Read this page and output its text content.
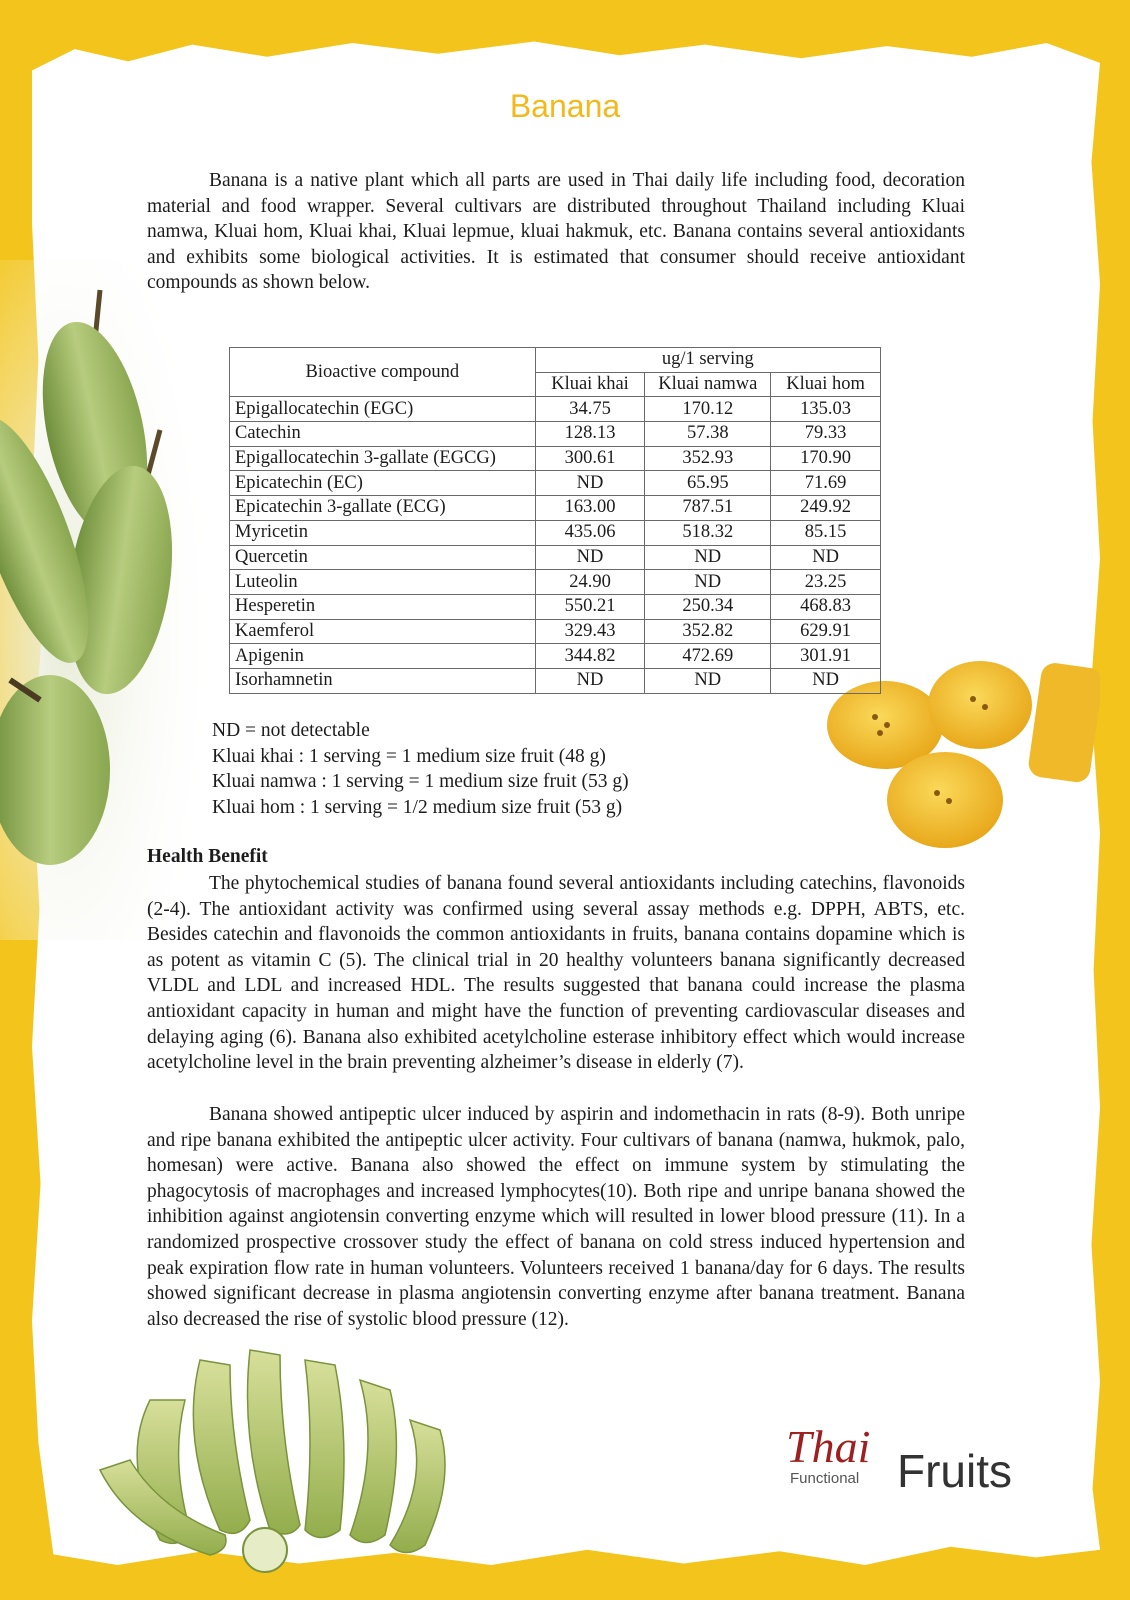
Banana

Banana is a native plant which all parts are used in Thai daily life including food, decoration material and food wrapper. Several cultivars are distributed throughout Thailand including Kluai namwa, Kluai hom, Kluai khai, Kluai lepmue, kluai hakmuk, etc. Banana contains several antioxidants and exhibits some biological activities. It is estimated that consumer should receive antioxidant compounds as shown below.

Bioactive compound	ug/1 serving		
	Kluai khai	Kluai namwa	Kluai hom
Epigallocatechin (EGC)	34.75	170.12	135.03
Catechin	128.13	57.38	79.33
Epigallocatechin 3-gallate (EGCG)	300.61	352.93	170.90
Epicatechin (EC)	ND	65.95	71.69
Epicatechin 3-gallate (ECG)	163.00	787.51	249.92
Myricetin	435.06	518.32	85.15
Quercetin	ND	ND	ND
Luteolin	24.90	ND	23.25
Hesperetin	550.21	250.34	468.83
Kaemferol	329.43	352.82	629.91
Apigenin	344.82	472.69	301.91
Isorhamnetin	ND	ND	ND
ND = not detectable
Kluai khai : 1 serving = 1 medium size fruit (48 g)
Kluai namwa : 1 serving = 1 medium size fruit (53 g)
Kluai hom : 1 serving = 1/2 medium size fruit (53 g)
Health Benefit

The phytochemical studies of banana found several antioxidants including catechins, flavonoids (2-4). The antioxidant activity was confirmed using several assay methods e.g. DPPH, ABTS, etc. Besides catechin and flavonoids the common antioxidants in fruits, banana contains dopamine which is as potent as vitamin C (5). The clinical trial in 20 healthy volunteers banana significantly decreased VLDL and LDL and increased HDL. The results suggested that banana could increase the plasma antioxidant capacity in human and might have the function of preventing cardiovascular diseases and delaying aging (6). Banana also exhibited acetylcholine esterase inhibitory effect which would increase acetylcholine level in the brain preventing alzheimer’s disease in elderly (7).

Banana showed antipeptic ulcer induced by aspirin and indomethacin in rats (8-9). Both unripe and ripe banana exhibited the antipeptic ulcer activity. Four cultivars of banana (namwa, hukmok, palo, homesan) were active. Banana also showed the effect on immune system by stimulating the phagocytosis of macrophages and increased lymphocytes(10). Both ripe and unripe banana showed the inhibition against angiotensin converting enzyme which will resulted in lower blood pressure (11). In a randomized prospective crossover study the effect of banana on cold stress induced hypertension and peak expiration flow rate in human volunteers. Volunteers received 1 banana/day for 6 days. The results showed significant decrease in plasma angiotensin converting enzyme after banana treatment. Banana also decreased the rise of systolic blood pressure (12).

Thai
Functional Fruits
